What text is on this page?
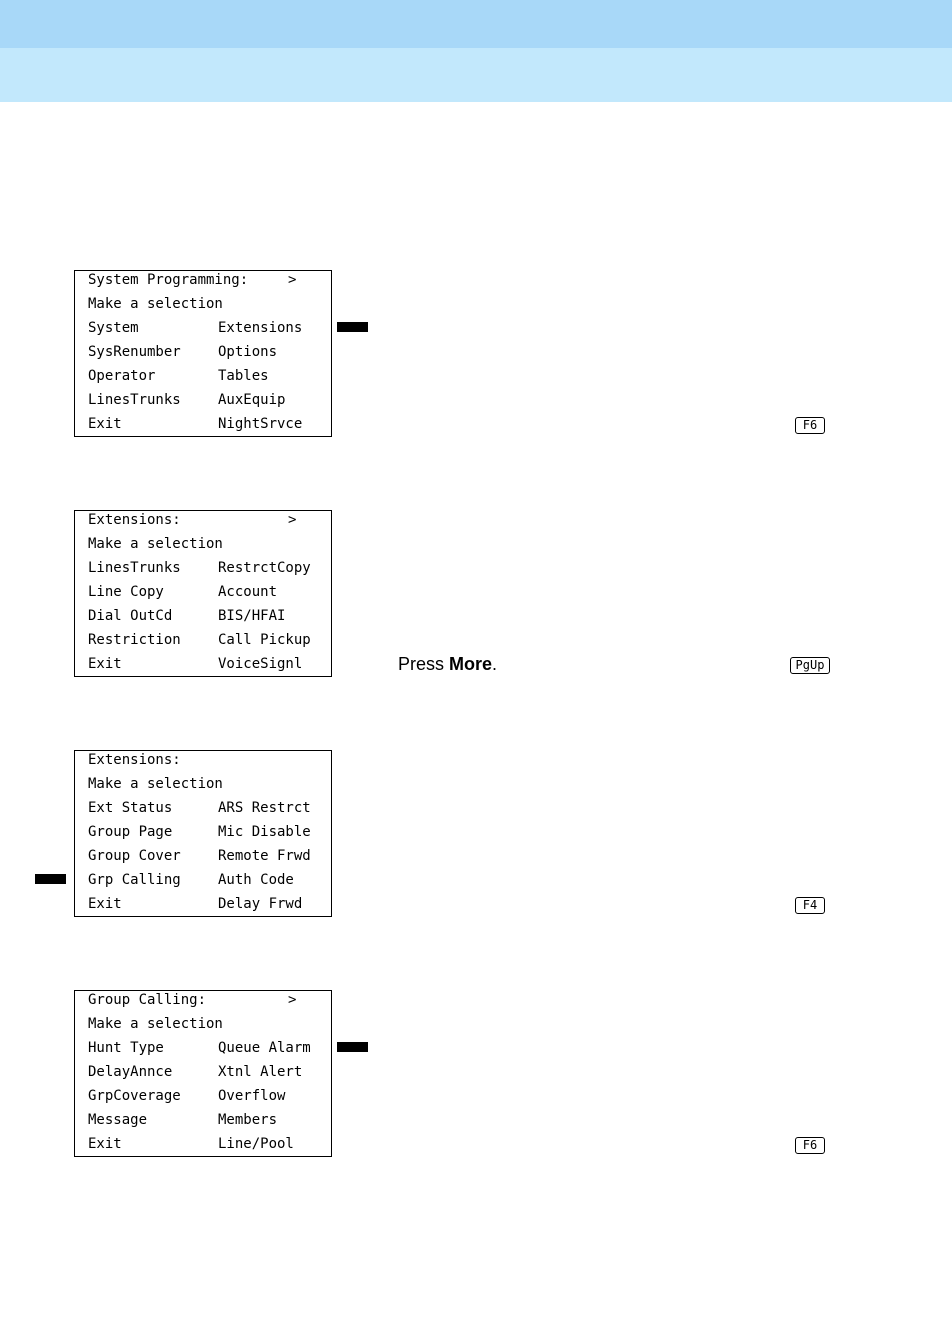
System Programming:	>
Make a selection
System	Extensions
SysRenumber	Options
Operator	Tables
LinesTrunks	AuxEquip
Exit	NightSrvce	F6
Extensions:	>
Make a selection
LinesTrunks	RestrctCopy
Line Copy	Account
Dial OutCd	BIS/HFAI
Restriction	Call Pickup
Exit	VoiceSignl	Press More.	PgUp
Extensions:
Make a selection
Ext Status	ARS Restrct
Group Page	Mic Disable
Group Cover	Remote Frwd
Grp Calling	Auth Code
Exit	Delay Frwd	F4
Group Calling:	>
Make a selection
Hunt Type	Queue Alarm
DelayAnnce	Xtnl Alert
GrpCoverage	Overflow
Message	Members
Exit	Line/Pool	F6
